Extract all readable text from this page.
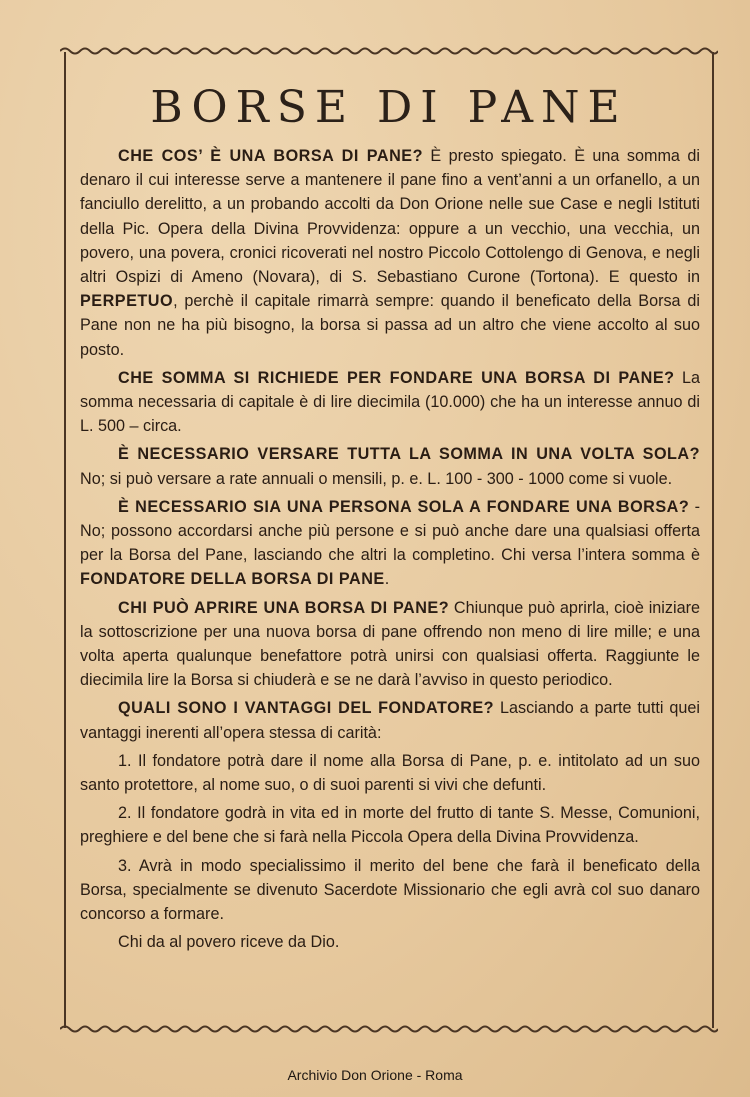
BORSE DI PANE

CHE COS’ È UNA BORSA DI PANE? È presto spiegato. È una somma di denaro il cui interesse serve a mantenere il pane fino a vent’anni a un orfanello, a un fanciullo derelitto, a un probando accolti da Don Orione nelle sue Case e negli Istituti della Pic. Opera della Divina Provvidenza: oppure a un vecchio, una vecchia, un povero, una povera, cronici ricoverati nel nostro Piccolo Cottolengo di Genova, e negli altri Ospizi di Ameno (Novara), di S. Sebastiano Curone (Tortona). E questo in PERPETUO, perchè il capitale rimarrà sempre: quando il beneficato della Borsa di Pane non ne ha più bisogno, la borsa si passa ad un altro che viene accolto al suo posto.

CHE SOMMA SI RICHIEDE PER FONDARE UNA BORSA DI PANE? La somma necessaria di capitale è di lire diecimila (10.000) che ha un interesse annuo di L. 500 – circa.

È NECESSARIO VERSARE TUTTA LA SOMMA IN UNA VOLTA SOLA? No; si può versare a rate annuali o mensili, p. e. L. 100 - 300 - 1000 come si vuole.

È NECESSARIO SIA UNA PERSONA SOLA A FONDARE UNA BORSA? - No; possono accordarsi anche più persone e si può anche dare una qualsiasi offerta per la Borsa del Pane, lasciando che altri la completino. Chi versa l’intera somma è FONDATORE DELLA BORSA DI PANE.

CHI PUÒ APRIRE UNA BORSA DI PANE? Chiunque può aprirla, cioè iniziare la sottoscrizione per una nuova borsa di pane offrendo non meno di lire mille; e una volta aperta qualunque benefattore potrà unirsi con qualsiasi offerta. Raggiunte le diecimila lire la Borsa si chiuderà e se ne darà l’avviso in questo periodico.

QUALI SONO I VANTAGGI DEL FONDATORE? Lasciando a parte tutti quei vantaggi inerenti all’opera stessa di carità:

1. Il fondatore potrà dare il nome alla Borsa di Pane, p. e. intitolato ad un suo santo protettore, al nome suo, o di suoi parenti si vivi che defunti.

2. Il fondatore godrà in vita ed in morte del frutto di tante S. Messe, Comunioni, preghiere e del bene che si farà nella Piccola Opera della Divina Provvidenza.

3. Avrà in modo specialissimo il merito del bene che farà il beneficato della Borsa, specialmente se divenuto Sacerdote Missionario che egli avrà col suo danaro concorso a formare.

Chi da al povero riceve da Dio.

Archivio Don Orione - Roma
